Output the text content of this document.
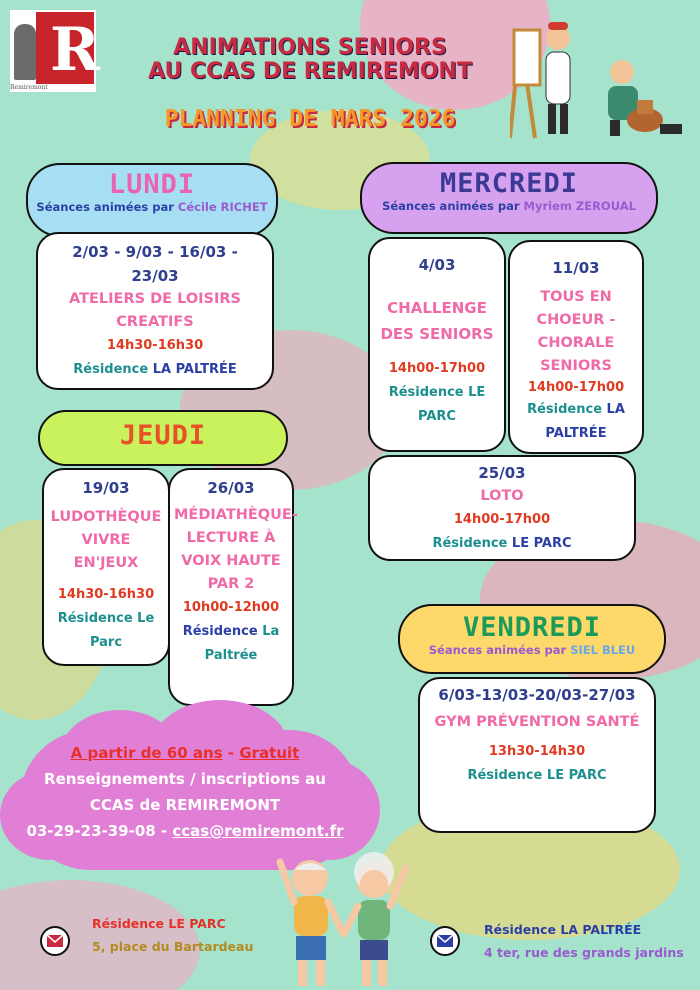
R
Remiremont
ANIMATIONS SENIORS
AU CCAS DE REMIREMONT
PLANNING DE MARS 2026
LUNDI
Séances animées par Cécile RICHET
2/03 - 9/03 - 16/03 - 23/03
ATELIERS DE LOISIRS CREATIFS
14h30-16h30
Résidence LA PALTRÉE
MERCREDI
Séances animées par Myriem ZEROUAL
4/03
CHALLENGE DES SENIORS
14h00-17h00
Résidence LE PARC
11/03
TOUS EN CHOEUR - CHORALE SENIORS
14h00-17h00
Résidence LA PALTRÉE
25/03
LOTO
14h00-17h00
Résidence LE PARC
JEUDI
19/03
LUDOTHÈQUE VIVRE EN'JEUX
14h30-16h30
Résidence Le Parc
26/03
MÉDIATHÈQUE-LECTURE À VOIX HAUTE PAR 2
10h00-12h00
Résidence La Paltrée
VENDREDI
Séances animées par SIEL BLEU
6/03-13/03-20/03-27/03
GYM PRÉVENTION SANTÉ
13h30-14h30
Résidence LE PARC
A partir de 60 ans - Gratuit
Renseignements / inscriptions au
CCAS de REMIREMONT
03-29-23-39-08 - ccas@remiremont.fr
Résidence LE PARC
5, place du Bartardeau
Résidence LA PALTRÉE
4 ter, rue des grands jardins
